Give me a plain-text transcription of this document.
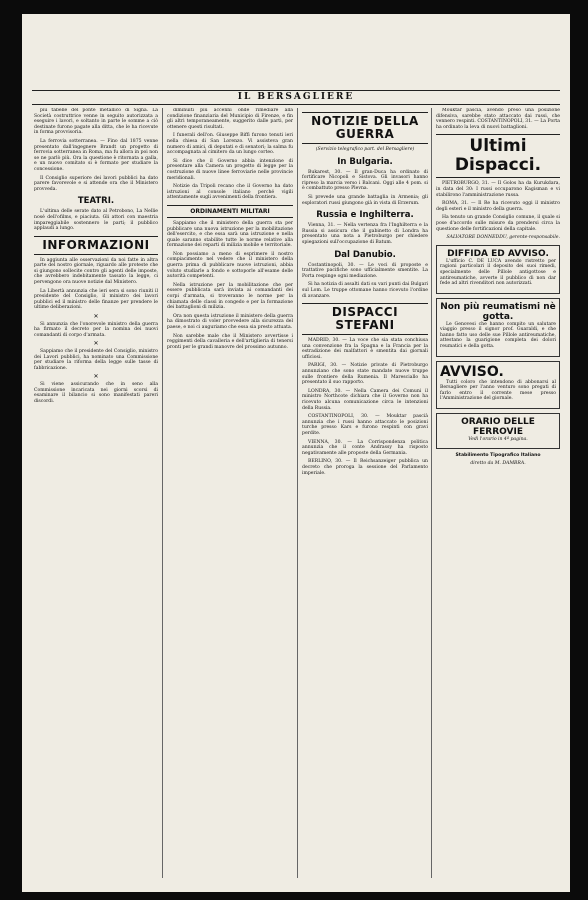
IL BERSAGLIERE

più tabelle del ponte metallico di Signa. La Società costruttrice venne in seguito autorizzata a eseguire i lavori, e soltanto in parte le somme a ciò destinate furono pagate alla ditta, che le ha ricevute in forma provvisoria.

La ferrovia sotterranea. — Fino dal 1875 venne presentato dall'ingegnere Brandt un progetto di ferrovia sotterranea in Roma, ma fu allora in poi non se ne parlò più. Ora la questione è ritornata a galla, e un nuovo comitato si è formato per studiare la concessione.

Il Consiglio superiore dei lavori pubblici ha dato parere favorevole e si attende ora che il Ministero provveda.

TEATRI.

L'ultima delle serate dato al Petrobono, La Nellie nosé dell'ofilms, e piaciuta. Gli attori con maestria impareggiabile sostennero le parti; il pubblico applaudì a lungo.

INFORMAZIONI

In aggiunta alle osservazioni da noi fatte in altra parte del nostro giornale, riguardo alle proteste che si giungono sollecite contro gli agenti delle imposte, che avrebbero indebitamente tassato la legge, ci pervengono ora nuove notizie dal Ministero.

La Libertà annunzia che ieri sera si sono riuniti il presidente del Consiglio, il ministro dei lavori pubblici ed il ministro delle finanze per prendere le ultime deliberazioni.

✕

Si annunzia che l'onorevole ministro della guerra ha firmato il decreto per la nomina dei nuovi comandanti di corpo d'armata.

✕

Sappiamo che il presidente del Consiglio, ministro dei Lavori pubblici, ha nominato una Commissione per studiare la riforma della legge sulle tasse di fabbricazione.

✕

Si viene assicurando che in seno alla Commissione incaricata nei giorni scorsi di esaminare il bilancio si sono manifestati pareri discordi.

diminuiti più accenni onde rimediare alla condizione finanziaria del Municipio di Firenze, e fin gli altri temporaneamente, suggerito dalle parti, per ottenere questi risultati.

I funerali dell'on. Giuseppe Biffi furono tenuti ieri nella chiesa di San Lorenzo. Vi assisteva gran numero di amici, di deputati e di senatori; la salma fu accompagnata al cimitero da un lungo corteo.

Si dice che il Governo abbia intenzione di presentare alla Camera un progetto di legge per la costruzione di nuove linee ferroviarie nelle provincie meridionali.

Notizie da Tripoli recano che il Governo ha dato istruzioni al console italiano perché vigili attentamente sugli avvenimenti della frontiera.

ORDINAMENTI MILITARI

Sappiamo che il ministero della guerra sta per pubblicare una nuova istruzione per la mobilitazione dell'esercito, e che essa sarà una istruzione e nella quale saranno stabilite tutte le norme relative alla formazione dei reparti di milizia mobile e territoriale.

Non possiamo a meno di esprimere il nostro compiacimento nel vedere che il ministero della guerra prima di pubblicare nuove istruzioni, abbia voluto studiarle a fondo e sottoporle all'esame delle autorità competenti.

Nella istruzione per la mobilitazione che per essere pubblicata sarà inviata ai comandanti dei corpi d'armata, si troveranno le norme per la chiamata delle classi in congedo e per la formazione dei battaglioni di milizia.

Ora non questa istruzione il ministero della guerra ha dimostrato di voler provvedere alla sicurezza del paese, e noi ci auguriamo che essa sia presto attuata.

Non sarebbe male che il Ministero avvertisse i reggimenti della cavalleria e dell'artiglieria di tenersi pronti per le grandi manovre del prossimo autunno.

NOTIZIE DELLA GUERRA
(Servizio telegrafico part. del Bersagliere)
In Bulgaria.

Bukarest, 30. — Il gran-Duca ha ordinato di fortificare Nicopoli e Sistova. Gli invasori hanno ripreso la marcia verso i Balcani. Oggi alle 4 pom. si è combattuto presso Plevna.

Si prevede una grande battaglia in Armenia; gli esploratori russi giungono già in vista di Erzerum.

Russia e Inghilterra.

Vienna, 31. — Nella vertenza fra l'Inghilterra e la Russia si assicura che il gabinetto di Londra ha presentato una nota a Pietroburgo per chiedere spiegazioni sull'occupazione di Batum.

Dal Danubio.

Costantinopoli, 30. — Le voci di proposte e trattative pacifiche sono ufficialmente smentite. La Porta respinge ogni mediazione.

Si ha notizia di assalti dati su vari punti dai Bulgari sul Lom. Le truppe ottomane hanno ricevuto l'ordine di avanzare.

DISPACCI STEFANI

MADRID, 30. — La voce che sia stata conchiusa una convenzione fra la Spagna e la Francia per la estradizione dei malfattori è smentita dai giornali ufficiosi.

PARIGI, 30. — Notizie private di Pietroburgo annunziano che sono state mandate nuove truppe sulle frontiere della Rumenia. Il Maresciallo ha presentato il suo rapporto.

LONDRA, 30. — Nella Camera dei Comuni il ministro Northcote dichiara che il Governo non ha ricevuto alcuna comunicazione circa le intenzioni della Russia.

COSTANTINOPOLI, 30. — Mouktar pascià annunzia che i russi hanno attaccato le posizioni turche presso Kars e furono respinti con gravi perdite.

VIENNA, 30. — La Corrispondenza politica annunzia che il conte Andrassy ha risposto negativamente alle proposte della Germania.

BERLINO, 30. — Il Reichsanzeiger pubblica un decreto che proroga la sessione del Parlamento imperiale.

Mouktar pascià, avendo preso una posizione difensiva, sarebbe stato attaccato dai russi, che vennero respinti. COSTANTINOPOLI, 31. — La Porta ha ordinato la leva di nuovi battaglioni.

Ultimi Dispacci.

PIETROBURGO, 31. — Il Golos ha da Kurukdara, in data del 30: I russi occuparono Kagisman e vi stabilirono l'amministrazione russa.

ROMA, 31. — Il Re ha ricevuto oggi il ministro degli esteri e il ministro della guerra.

Ha tenuto un grande Consiglio comune, il quale si pose d'accordo sulle misure da prendersi circa la questione delle fortificazioni della capitale.

SALVATORE DONNEDDU, gerente-responsabile.
DIFFIDA ED AVVISO.

L'ufficio C. DE LUCA avendo ristretto per ragioni particolari il deposito dei suoi rimedi, specialmente delle Pillole antigottose e antireumatiche, avverte il pubblico di non dar fede ad altri rivenditori non autorizzati.

Non più reumatismi nè gotta.

Le Genovesi che hanno compito un salutare viaggio presso il signor prof. Guaraldi, e che hanno fatto uso delle sue Pillole antireumatiche, attestano la guarigione completa dei dolori reumatici e della gotta.

AVVISO.

Tutti coloro che intendono di abbonarsi al Bersagliere per l'anno venturo sono pregati di farlo entro il corrente mese presso l'Amministrazione del giornale.

ORARIO DELLE FERROVIE
Vedi l'orario in 4ª pagina.
Stabilimento Tipografico Italiano
diretto da M. DAMBRA.
